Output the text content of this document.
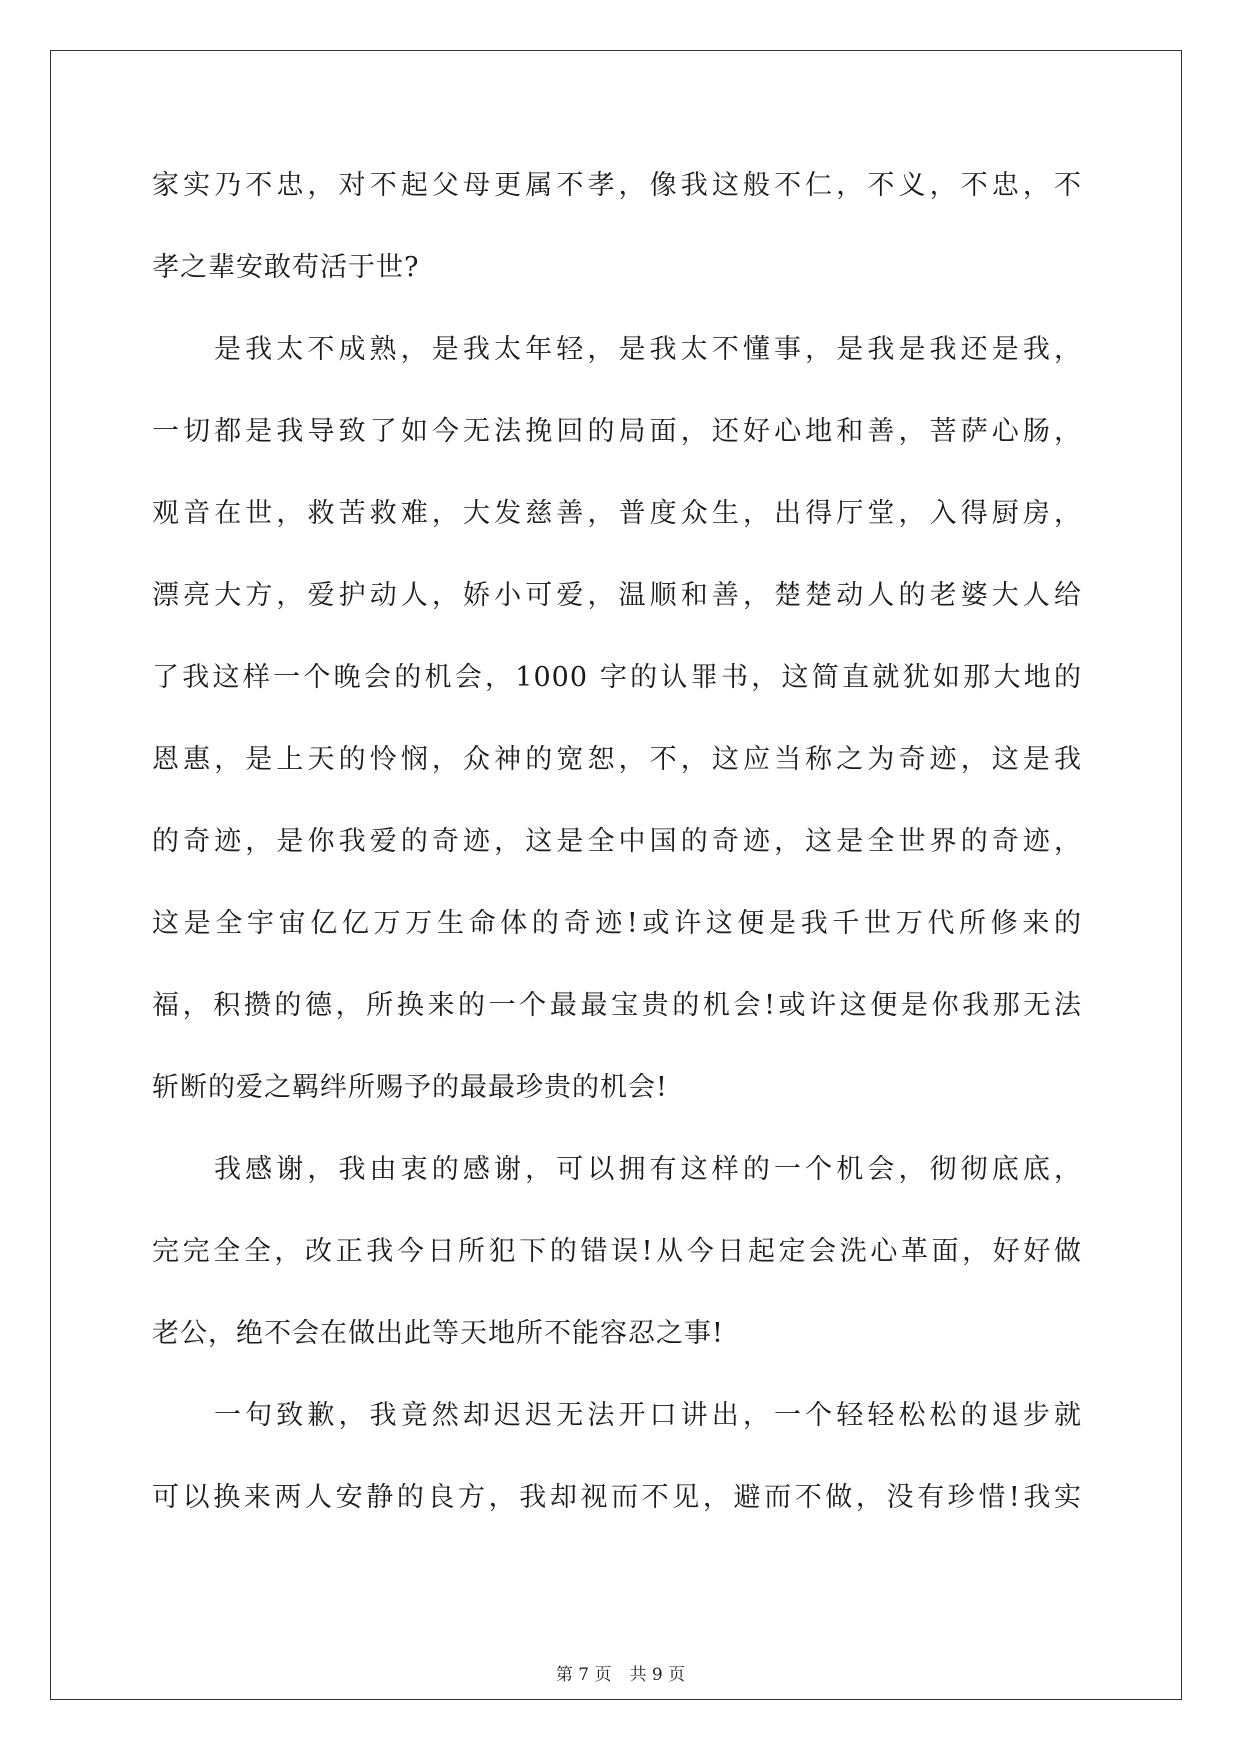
家实乃不忠，对不起父母更属不孝，像我这般不仁，不义，不忠，不
孝之辈安敢苟活于世?
是我太不成熟，是我太年轻，是我太不懂事，是我是我还是我，
一切都是我导致了如今无法挽回的局面，还好心地和善，菩萨心肠，
观音在世，救苦救难，大发慈善，普度众生，出得厅堂，入得厨房，
漂亮大方，爱护动人，娇小可爱，温顺和善，楚楚动人的老婆大人给
了我这样一个晚会的机会，1000 字的认罪书，这简直就犹如那大地的
恩惠，是上天的怜悯，众神的宽恕，不，这应当称之为奇迹，这是我
的奇迹，是你我爱的奇迹，这是全中国的奇迹，这是全世界的奇迹，
这是全宇宙亿亿万万生命体的奇迹!或许这便是我千世万代所修来的
福，积攒的德，所换来的一个最最宝贵的机会!或许这便是你我那无法
斩断的爱之羁绊所赐予的最最珍贵的机会!
我感谢，我由衷的感谢，可以拥有这样的一个机会，彻彻底底，
完完全全，改正我今日所犯下的错误!从今日起定会洗心革面，好好做
老公，绝不会在做出此等天地所不能容忍之事!
一句致歉，我竟然却迟迟无法开口讲出，一个轻轻松松的退步就
可以换来两人安静的良方，我却视而不见，避而不做，没有珍惜!我实
第 7 页 共 9 页
